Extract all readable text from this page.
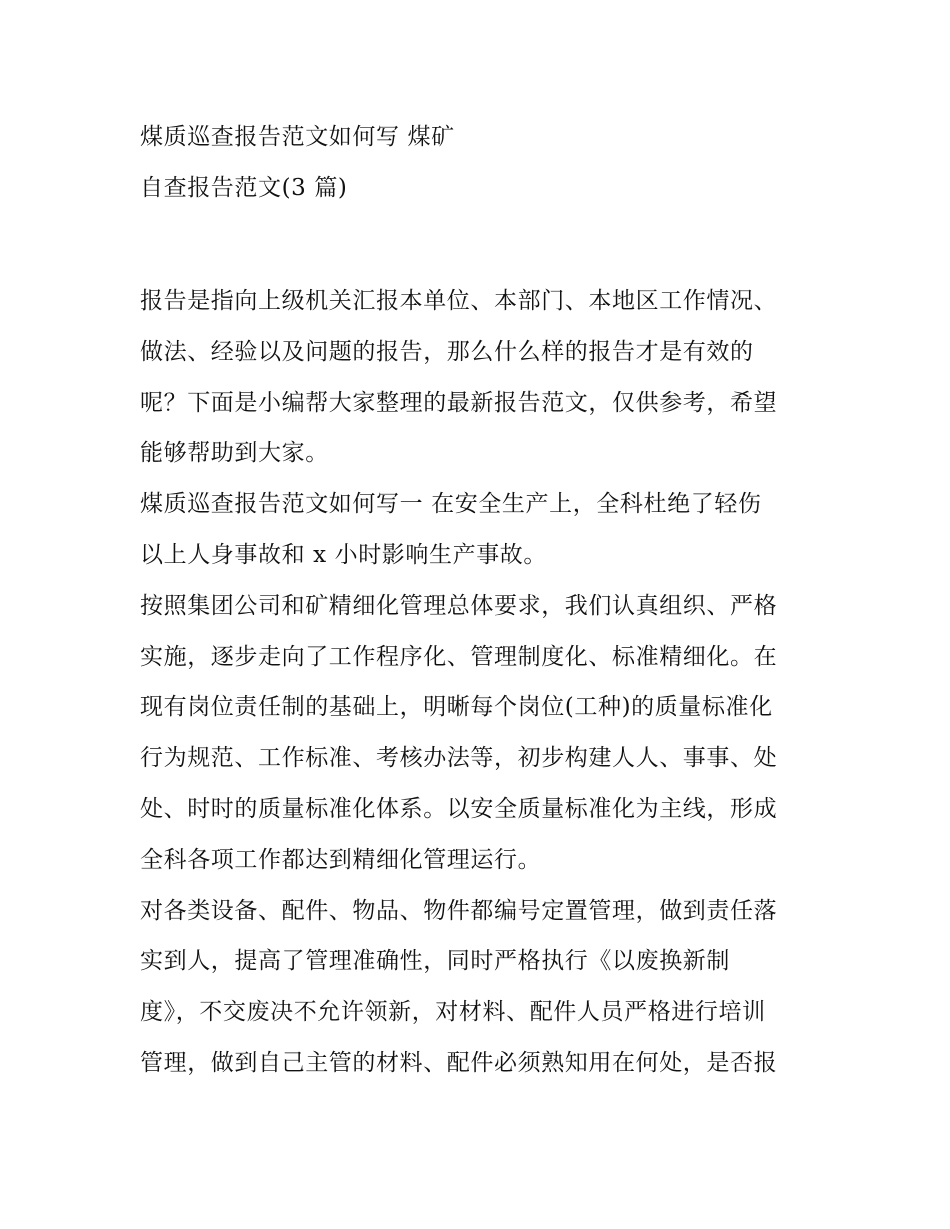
煤质巡查报告范文如何写 煤矿
自查报告范文(3 篇)
报告是指向上级机关汇报本单位、本部门、本地区工作情况、
做法、经验以及问题的报告，那么什么样的报告才是有效的
呢？下面是小编帮大家整理的最新报告范文，仅供参考，希望
能够帮助到大家。
煤质巡查报告范文如何写一 在安全生产上，全科杜绝了轻伤
以上人身事故和 x 小时影响生产事故。
按照集团公司和矿精细化管理总体要求，我们认真组织、严格
实施，逐步走向了工作程序化、管理制度化、标准精细化。在
现有岗位责任制的基础上，明晰每个岗位(工种)的质量标准化
行为规范、工作标准、考核办法等，初步构建人人、事事、处
处、时时的质量标准化体系。以安全质量标准化为主线，形成
全科各项工作都达到精细化管理运行。
对各类设备、配件、物品、物件都编号定置管理，做到责任落
实到人，提高了管理准确性，同时严格执行《以废换新制
度》，不交废决不允许领新，对材料、配件人员严格进行培训
管理，做到自己主管的材料、配件必须熟知用在何处，是否报
